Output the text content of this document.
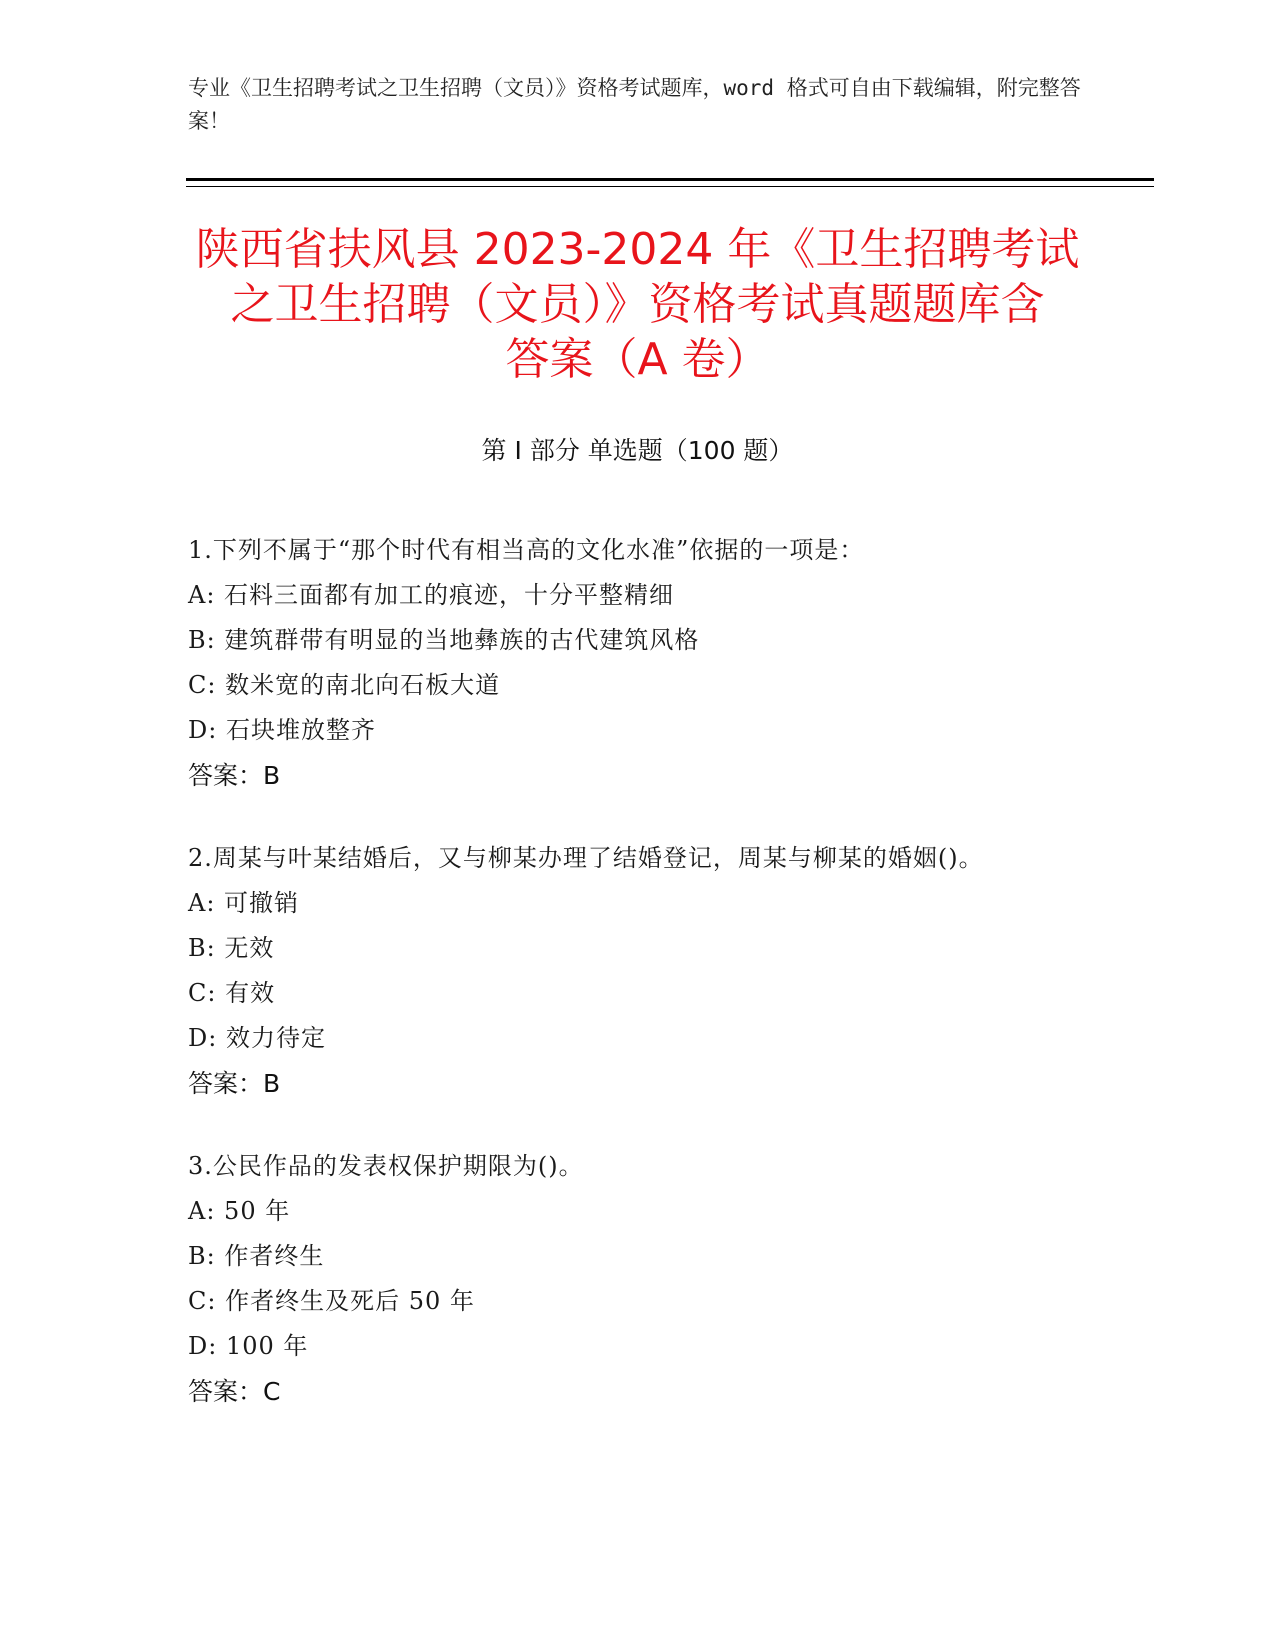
专业《卫生招聘考试之卫生招聘（文员）》资格考试题库，word 格式可自由下载编辑，附完整答案！
陕西省扶风县 2023-2024 年《卫生招聘考试
之卫生招聘（文员）》资格考试真题题库含
答案（A 卷）
第 I 部分 单选题（100 题）

1.下列不属于“那个时代有相当高的文化水准”依据的一项是：

A: 石料三面都有加工的痕迹，十分平整精细

B: 建筑群带有明显的当地彝族的古代建筑风格

C: 数米宽的南北向石板大道

D: 石块堆放整齐

答案：B

2.周某与叶某结婚后，又与柳某办理了结婚登记，周某与柳某的婚姻()。

A: 可撤销

B: 无效

C: 有效

D: 效力待定

答案：B

3.公民作品的发表权保护期限为()。

A: 50 年

B: 作者终生

C: 作者终生及死后 50 年

D: 100 年

答案：C
